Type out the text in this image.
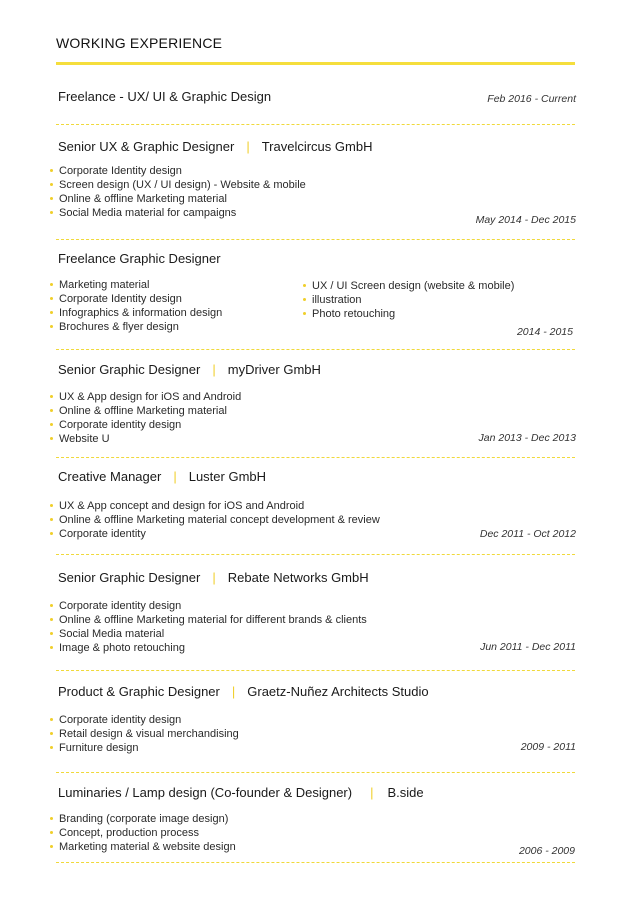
WORKING EXPERIENCE
Freelance - UX/ UI & Graphic Design	Feb 2016 - Current
Senior UX & Graphic Designer | Travelcircus GmbH
Corporate Identity design
Screen design (UX / UI design) - Website & mobile
Online & offline Marketing material
Social Media material for campaigns
May 2014 - Dec 2015
Freelance Graphic Designer
Marketing material
Corporate Identity design
Infographics & information design
Brochures & flyer design
UX / UI Screen design (website & mobile)
illustration
Photo retouching
2014 - 2015
Senior Graphic Designer | myDriver GmbH
UX & App design for iOS and Android
Online & offline Marketing material
Corporate identity design
Website U	Jan 2013 - Dec 2013
Creative Manager | Luster GmbH
UX & App concept and design for iOS and Android
Online & offline Marketing material concept development & review
Corporate identity	Dec 2011 - Oct 2012
Senior Graphic Designer | Rebate Networks GmbH
Corporate identity design
Online & offline Marketing material for different brands & clients
Social Media material
Image & photo retouching	Jun 2011 - Dec 2011
Product & Graphic Designer | Graetz-Nuñez Architects Studio
Corporate identity design
Retail design & visual merchandising
Furniture design	2009 - 2011
Luminaries / Lamp design (Co-founder & Designer) | B.side
Branding (corporate image design)
Concept, production process
Marketing material & website design	2006 - 2009
